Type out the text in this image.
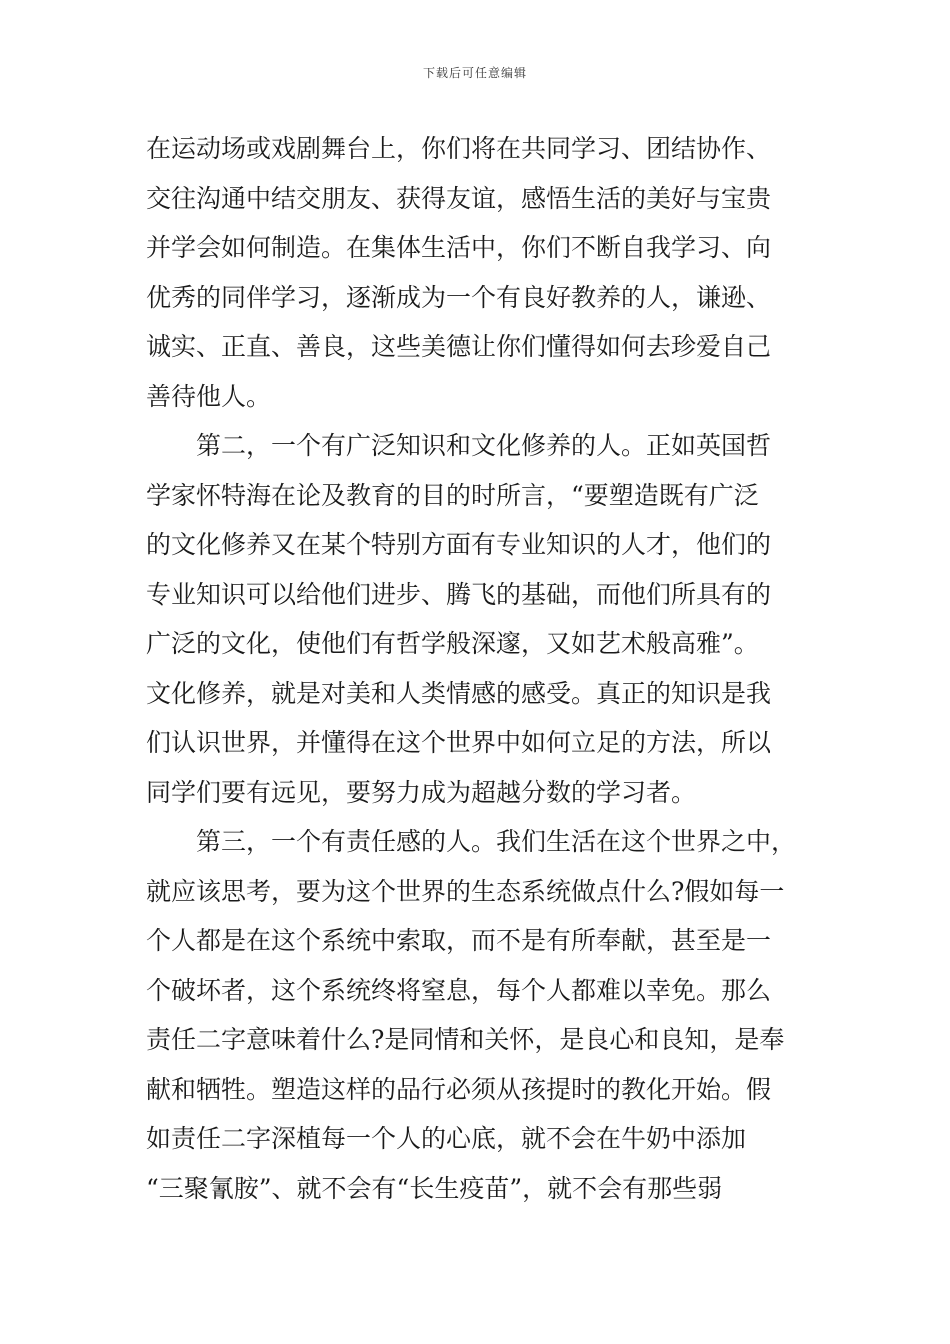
下载后可任意编辑
在运动场或戏剧舞台上，你们将在共同学习、团结协作、
交往沟通中结交朋友、获得友谊，感悟生活的美好与宝贵
并学会如何制造。在集体生活中，你们不断自我学习、向
优秀的同伴学习，逐渐成为一个有良好教养的人，谦逊、
诚实、正直、善良，这些美德让你们懂得如何去珍爱自己
善待他人。
第二，一个有广泛知识和文化修养的人。正如英国哲
学家怀特海在论及教育的目的时所言，“要塑造既有广泛
的文化修养又在某个特别方面有专业知识的人才，他们的
专业知识可以给他们进步、腾飞的基础，而他们所具有的
广泛的文化，使他们有哲学般深邃，又如艺术般高雅”。
文化修养，就是对美和人类情感的感受。真正的知识是我
们认识世界，并懂得在这个世界中如何立足的方法，所以
同学们要有远见，要努力成为超越分数的学习者。
第三，一个有责任感的人。我们生活在这个世界之中，
就应该思考，要为这个世界的生态系统做点什么?假如每一
个人都是在这个系统中索取，而不是有所奉献，甚至是一
个破坏者，这个系统终将窒息，每个人都难以幸免。那么
责任二字意味着什么?是同情和关怀，是良心和良知，是奉
献和牺牲。塑造这样的品行必须从孩提时的教化开始。假
如责任二字深植每一个人的心底，就不会在牛奶中添加
“三聚氰胺”、就不会有“长生疫苗”，就不会有那些弱
